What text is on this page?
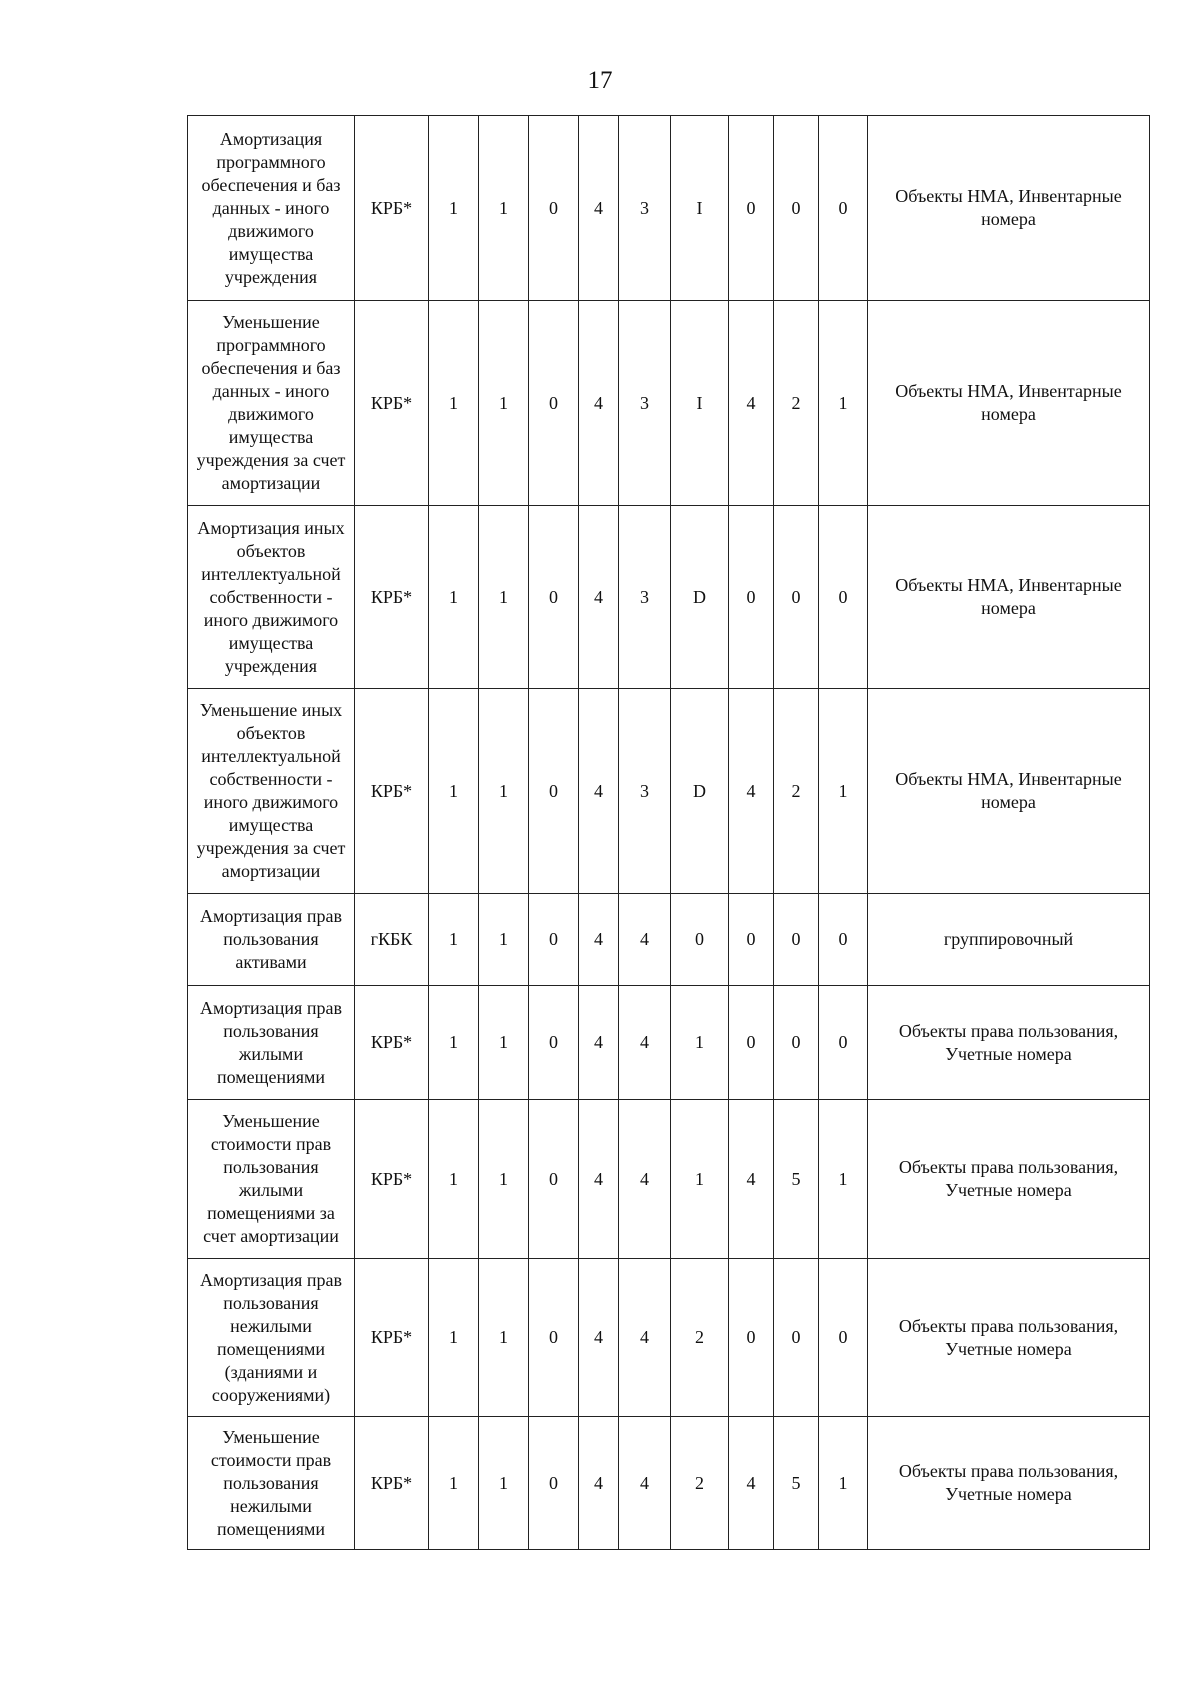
17
Амортизация программного обеспечения и баз данных - иного движимого имущества учреждения	КРБ*	1	1	0	4	3	I	0	0	0	Объекты НМА, Инвентарные номера
Уменьшение программного обеспечения и баз данных - иного движимого имущества учреждения за счет амортизации	КРБ*	1	1	0	4	3	I	4	2	1	Объекты НМА, Инвентарные номера
Амортизация иных объектов интеллектуальной собственности - иного движимого имущества учреждения	КРБ*	1	1	0	4	3	D	0	0	0	Объекты НМА, Инвентарные номера
Уменьшение иных объектов интеллектуальной собственности - иного движимого имущества учреждения за счет амортизации	КРБ*	1	1	0	4	3	D	4	2	1	Объекты НМА, Инвентарные номера
Амортизация прав пользования активами	гКБК	1	1	0	4	4	0	0	0	0	группировочный
Амортизация прав пользования жилыми помещениями	КРБ*	1	1	0	4	4	1	0	0	0	Объекты права пользования, Учетные номера
Уменьшение стоимости прав пользования жилыми помещениями за счет амортизации	КРБ*	1	1	0	4	4	1	4	5	1	Объекты права пользования, Учетные номера
Амортизация прав пользования нежилыми помещениями (зданиями и сооружениями)	КРБ*	1	1	0	4	4	2	0	0	0	Объекты права пользования, Учетные номера
Уменьшение стоимости прав пользования нежилыми помещениями	КРБ*	1	1	0	4	4	2	4	5	1	Объекты права пользования, Учетные номера
